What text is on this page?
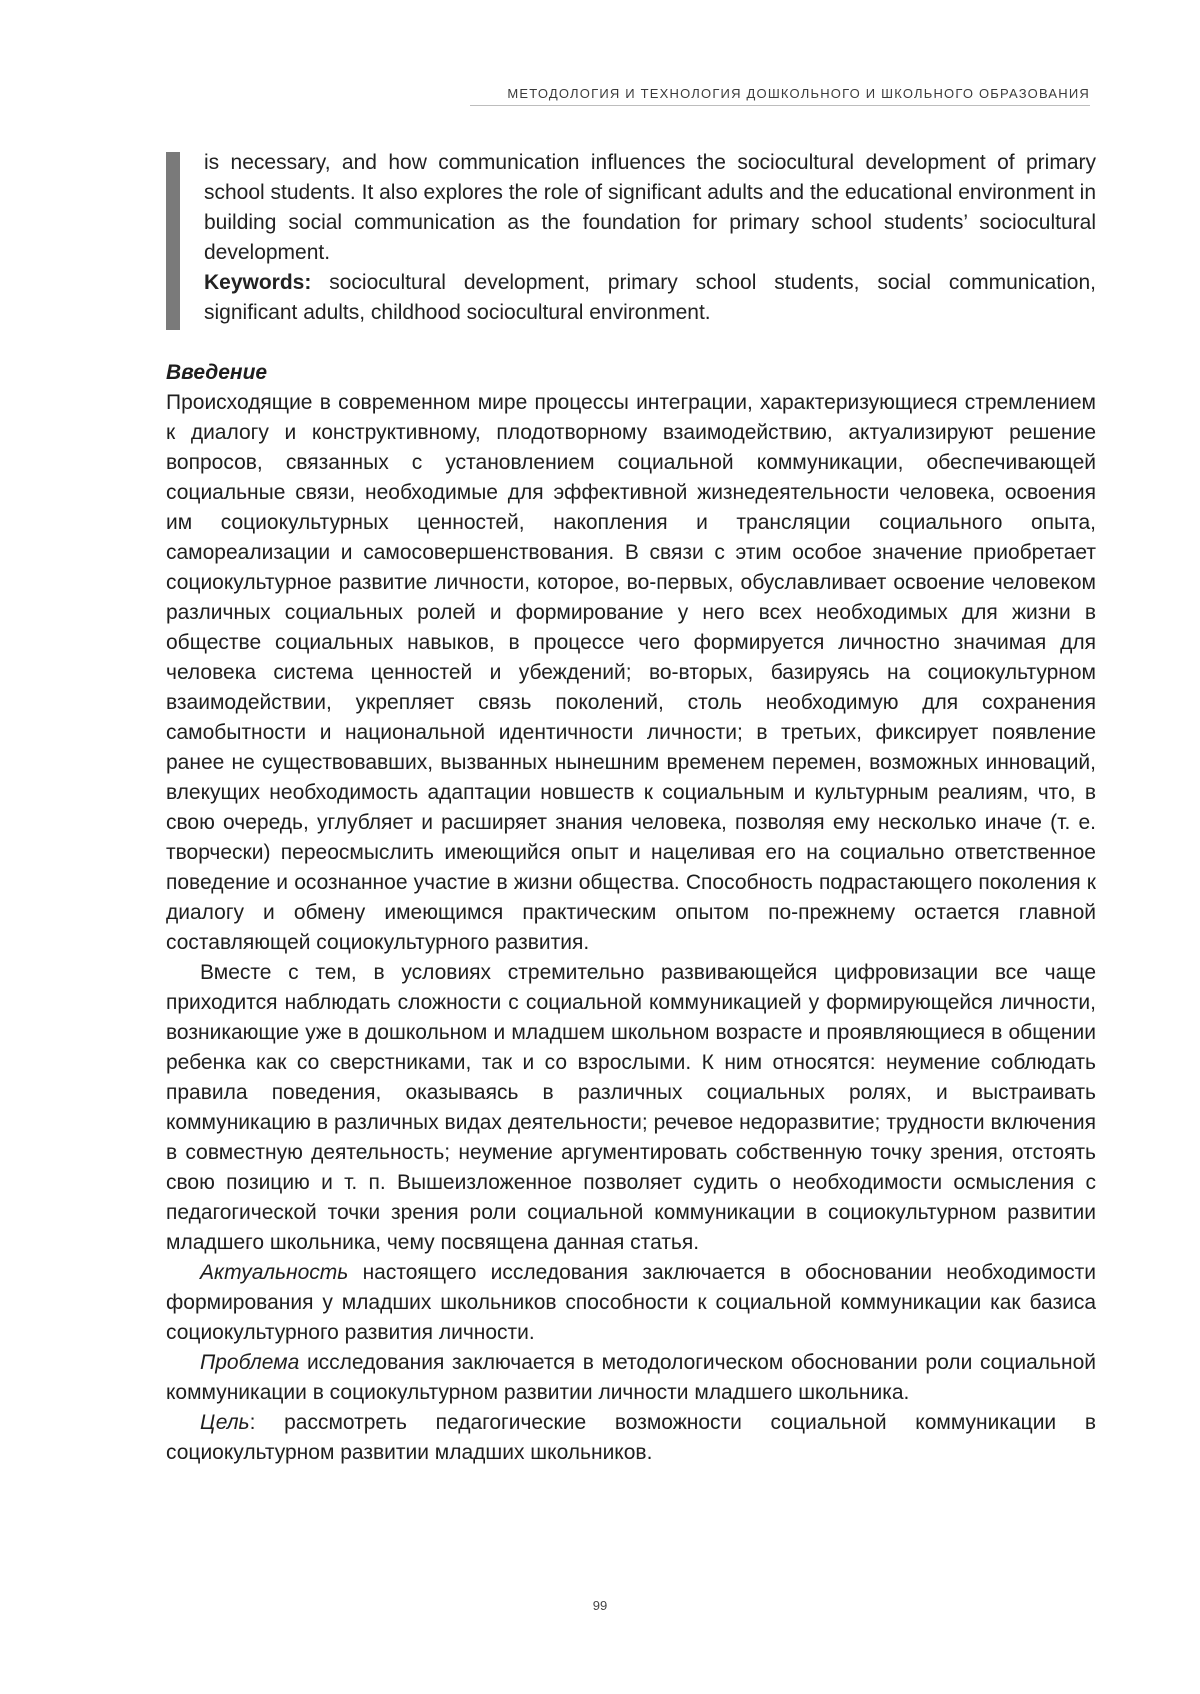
МЕТОДОЛОГИЯ И ТЕХНОЛОГИЯ ДОШКОЛЬНОГО И ШКОЛЬНОГО ОБРАЗОВАНИЯ

is necessary, and how communication influences the sociocultural development of primary school students. It also explores the role of significant adults and the educational environment in building social communication as the foundation for primary school students’ sociocultural development.

Keywords: sociocultural development, primary school students, social communication, significant adults, childhood sociocultural environment.

Введение

Происходящие в современном мире процессы интеграции, характеризующиеся стремлением к диалогу и конструктивному, плодотворному взаимодействию, актуализируют решение вопросов, связанных с установлением социальной коммуникации, обеспечивающей социальные связи, необходимые для эффективной жизнедеятельности человека, освоения им социокультурных ценностей, накопления и трансляции социального опыта, самореализации и самосовершенствования. В связи с этим особое значение приобретает социокультурное развитие личности, которое, во-первых, обуславливает освоение человеком различных социальных ролей и формирование у него всех необходимых для жизни в обществе социальных навыков, в процессе чего формируется личностно значимая для человека система ценностей и убеждений; во-вторых, базируясь на социокультурном взаимодействии, укрепляет связь поколений, столь необходимую для сохранения самобытности и национальной идентичности личности; в третьих, фиксирует появление ранее не существовавших, вызванных нынешним временем перемен, возможных инноваций, влекущих необходимость адаптации новшеств к социальным и культурным реалиям, что, в свою очередь, углубляет и расширяет знания человека, позволяя ему несколько иначе (т. е. творчески) переосмыслить имеющийся опыт и нацеливая его на социально ответственное поведение и осознанное участие в жизни общества. Способность подрастающего поколения к диалогу и обмену имеющимся практическим опытом по-прежнему остается главной составляющей социокультурного развития.

Вместе с тем, в условиях стремительно развивающейся цифровизации все чаще приходится наблюдать сложности с социальной коммуникацией у формирующейся личности, возникающие уже в дошкольном и младшем школьном возрасте и проявляющиеся в общении ребенка как со сверстниками, так и со взрослыми. К ним относятся: неумение соблюдать правила поведения, оказываясь в различных социальных ролях, и выстраивать коммуникацию в различных видах деятельности; речевое недоразвитие; трудности включения в совместную деятельность; неумение аргументировать собственную точку зрения, отстоять свою позицию и т. п. Вышеизложенное позволяет судить о необходимости осмысления с педагогической точки зрения роли социальной коммуникации в социокультурном развитии младшего школьника, чему посвящена данная статья.

Актуальность настоящего исследования заключается в обосновании необходимости формирования у младших школьников способности к социальной коммуникации как базиса социокультурного развития личности.

Проблема исследования заключается в методологическом обосновании роли социальной коммуникации в социокультурном развитии личности младшего школьника.

Цель: рассмотреть педагогические возможности социальной коммуникации в социокультурном развитии младших школьников.

99
